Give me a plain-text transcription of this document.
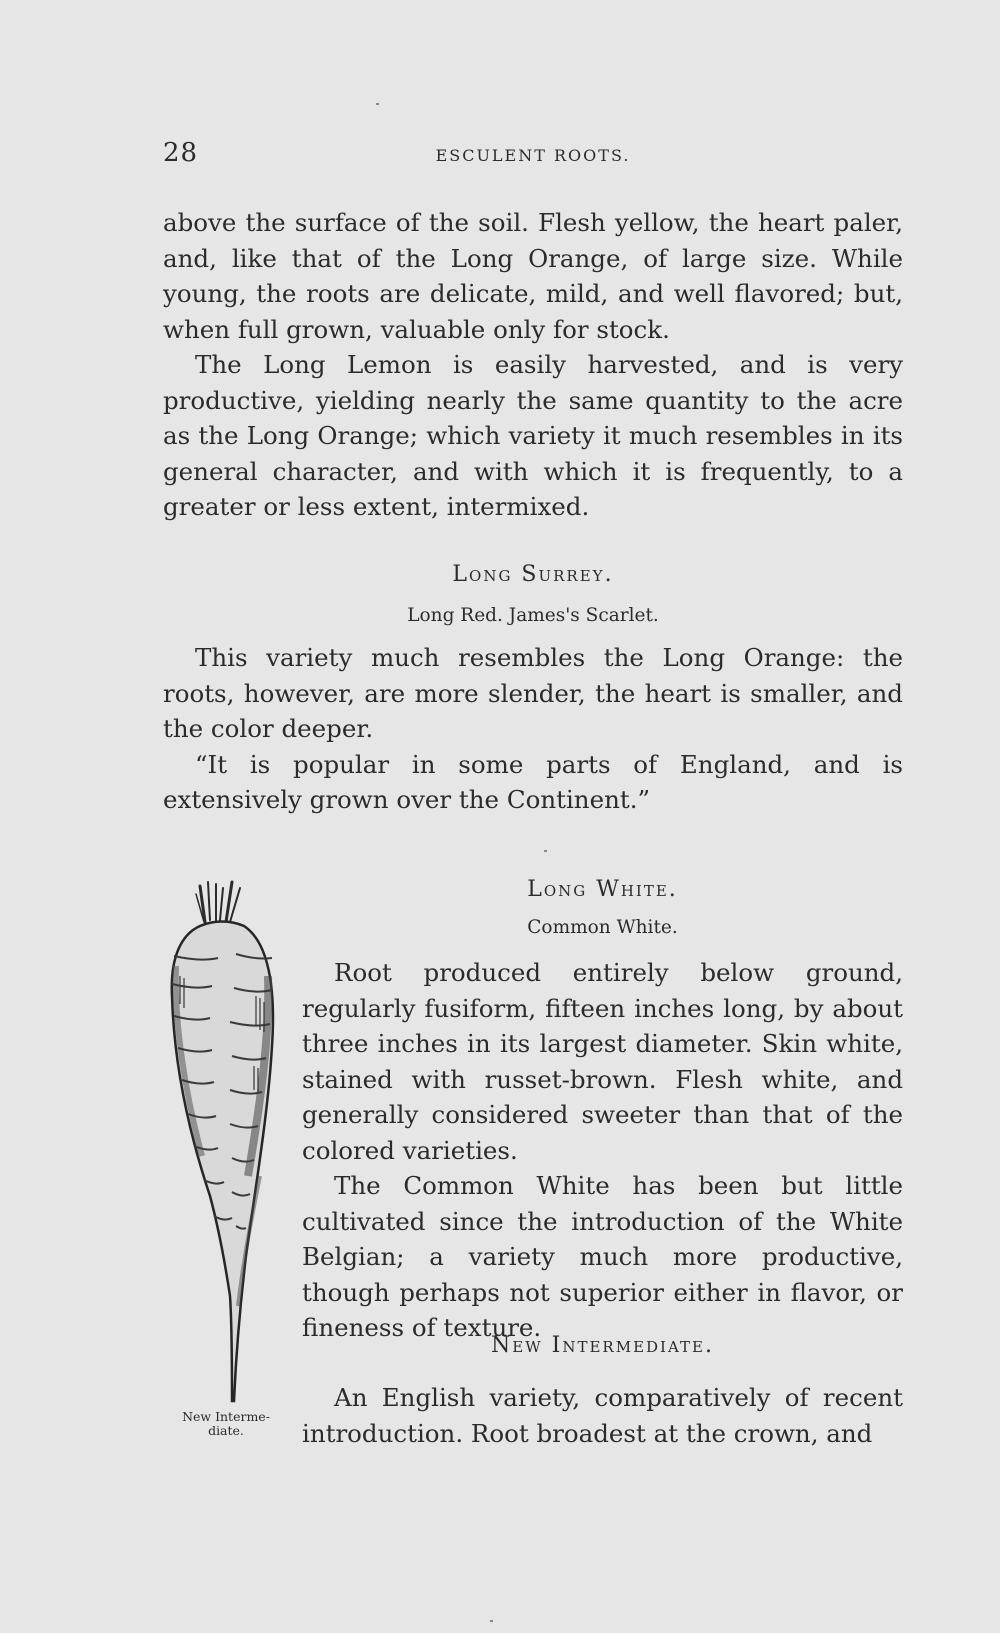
28	ESCULENT ROOTS.

above the surface of the soil. Flesh yellow, the heart paler, and, like that of the Long Orange, of large size. While young, the roots are delicate, mild, and well flavored; but, when full grown, valuable only for stock.

The Long Lemon is easily harvested, and is very productive, yielding nearly the same quantity to the acre as the Long Orange; which variety it much resembles in its general character, and with which it is frequently, to a greater or less extent, intermixed.

Long Surrey.
Long Red. James's Scarlet.

This variety much resembles the Long Orange: the roots, however, are more slender, the heart is smaller, and the color deeper.

“It is popular in some parts of England, and is extensively grown over the Continent.”

Long White.
Common White.

Root produced entirely below ground, regularly fusiform, fifteen inches long, by about three inches in its largest diameter. Skin white, stained with russet-brown. Flesh white, and generally considered sweeter than that of the colored varieties.

The Common White has been but little cultivated since the introduction of the White Belgian; a variety much more productive, though perhaps not superior either in flavor, or fineness of texture.

New Intermediate.

An English variety, comparatively of recent introduction. Root broadest at the crown, and

New Interme-
diate.
